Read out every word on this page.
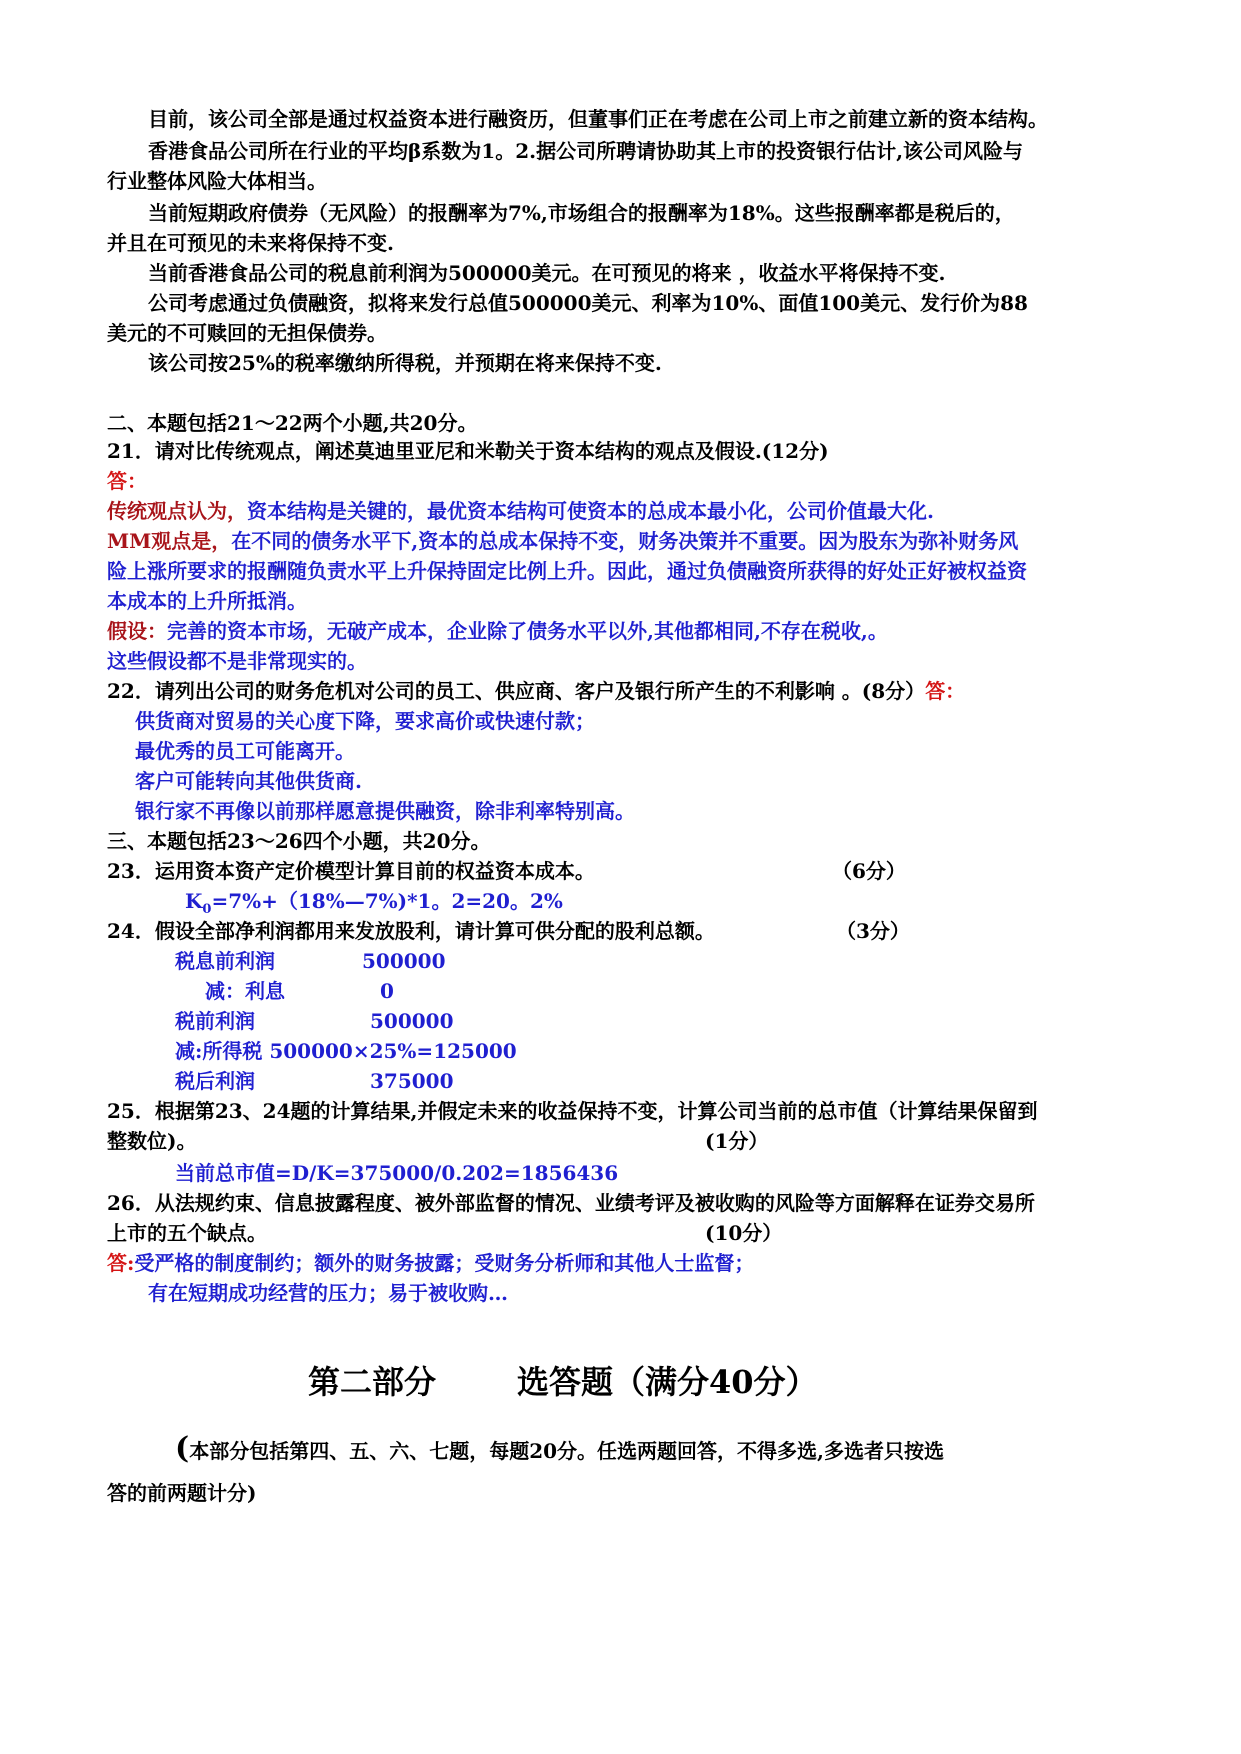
目前，该公司全部是通过权益资本进行融资历，但董事们正在考虑在公司上市之前建立新的资本结构。
香港食品公司所在行业的平均β系数为1。2.据公司所聘请协助其上市的投资银行估计,该公司风险与
行业整体风险大体相当。
当前短期政府债券（无风险）的报酬率为7%,市场组合的报酬率为18%。这些报酬率都是税后的，
并且在可预见的未来将保持不变.
当前香港食品公司的税息前利润为500000美元。在可预见的将来 ，收益水平将保持不变.
公司考虑通过负债融资，拟将来发行总值500000美元、利率为10%、面值100美元、发行价为88
美元的不可赎回的无担保债券。
该公司按25%的税率缴纳所得税，并预期在将来保持不变.
二、本题包括21～22两个小题,共20分。
21．请对比传统观点，阐述莫迪里亚尼和米勒关于资本结构的观点及假设.(12分)
答：
传统观点认为，资本结构是关键的，最优资本结构可使资本的总成本最小化，公司价值最大化.
MM观点是，在不同的债务水平下,资本的总成本保持不变，财务决策并不重要。因为股东为弥补财务风
险上涨所要求的报酬随负责水平上升保持固定比例上升。因此，通过负债融资所获得的好处正好被权益资
本成本的上升所抵消。
假设：完善的资本市场，无破产成本，企业除了债务水平以外,其他都相同,不存在税收,。
这些假设都不是非常现实的。
22．请列出公司的财务危机对公司的员工、供应商、客户及银行所产生的不利影响 。(8分）答：
供货商对贸易的关心度下降，要求高价或快速付款；
最优秀的员工可能离开。
客户可能转向其他供货商.
银行家不再像以前那样愿意提供融资，除非利率特别高。
三、本题包括23～26四个小题，共20分。
23．运用资本资产定价模型计算目前的权益资本成本。	（6分）
$K_0=7\%+(18\%—7\%)*1$。2=20。2%
24．假设全部净利润都用来发放股利，请计算可供分配的股利总额。	（3分）
税息前利润	500000
减：利息	0
税前利润	500000
减:所得税 500000×25%=125000
税后利润	375000
25．根据第23、24题的计算结果,并假定未来的收益保持不变，计算公司当前的总市值（计算结果保留到
整数位)。	(1分）
当前总市值=D/K=375000/0.202=1856436
26．从法规约束、信息披露程度、被外部监督的情况、业绩考评及被收购的风险等方面解释在证券交易所
上市的五个缺点。	(10分）
答:受严格的制度制约；额外的财务披露；受财务分析师和其他人士监督；
有在短期成功经营的压力；易于被收购…
第二部分	选答题（满分40分）
(本部分包括第四、五、六、七题，每题20分。任选两题回答，不得多选,多选者只按选
答的前两题计分)
